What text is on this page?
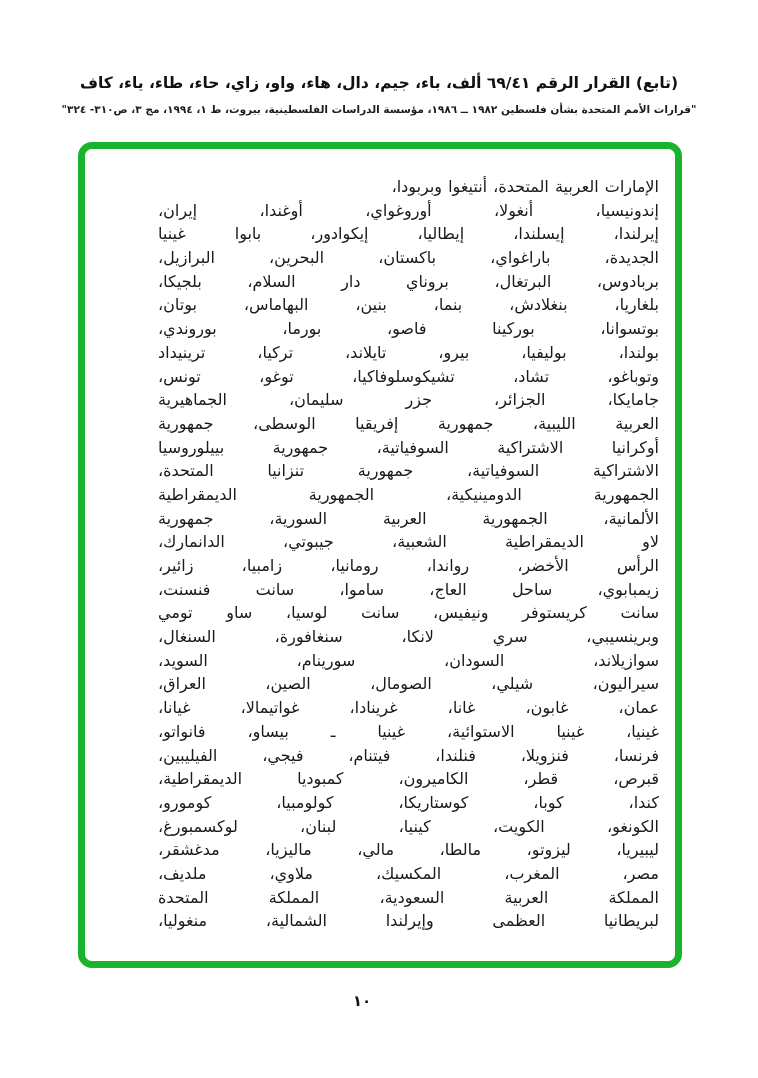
(تابع) القرار الرقم ٦٩/٤١ ألف، باء، جيم، دال، هاء، واو، زاي، حاء، طاء، ياء، كاف
"قرارات الأمم المتحدة بشأن فلسطين ١٩٨٢ ــ ١٩٨٦، مؤسسة الدراسات الفلسطينية، بيروت، ط ١، ١٩٩٤، مج ٣، ص٣١٠- ٣٢٤"
الإمارات العربية المتحدة، أنتيغوا وبربودا،
إندونيسيا، أنغولا، أوروغواي، أوغندا، إيران،
إيرلندا، إيسلندا، إيطاليا، إيكوادور، بابوا غينيا
الجديدة، باراغواي، باكستان، البحرين، البرازيل،
بربادوس، البرتغال، بروناي دار السلام، بلجيكا،
بلغاريا، بنغلادش، بنما، بنين، البهاماس، بوتان،
بوتسوانا، بوركينا فاصو، بورما، بوروندي،
بولندا، بوليفيا، بيرو، تايلاند، تركيا، ترينيداد
وتوباغو، تشاد، تشيكوسلوفاكيا، توغو، تونس،
جامايكا، الجزائر، جزر سليمان، الجماهيرية
العربية الليبية، جمهورية إفريقيا الوسطى، جمهورية
أوكرانيا الاشتراكية السوفياتية، جمهورية بييلوروسيا
الاشتراكية السوفياتية، جمهورية تنزانيا المتحدة،
الجمهورية الدومينيكية، الجمهورية الديمقراطية
الألمانية، الجمهورية العربية السورية، جمهورية
لاو الديمقراطية الشعبية، جيبوتي، الدانمارك،
الرأس الأخضر، رواندا، رومانيا، زامبيا، زائير،
زيمبابوي، ساحل العاج، ساموا، سانت فنسنت،
سانت كريستوفر ونيفيس، سانت لوسيا، ساو تومي
وبرينسيبي، سري لانكا، سنغافورة، السنغال،
سوازيلاند، السودان، سورينام، السويد،
سيراليون، شيلي، الصومال، الصين، العراق،
عمان، غابون، غانا، غرينادا، غواتيمالا، غيانا،
غينيا، غينيا الاستوائية، غينيا ـ بيساو، فانواتو،
فرنسا، فنزويلا، فنلندا، فيتنام، فيجي، الفيليبين،
قبرص، قطر، الكاميرون، كمبوديا الديمقراطية،
كندا، كوبا، كوستاريكا، كولومبيا، كومورو،
الكونغو، الكويت، كينيا، لبنان، لوكسمبورغ،
ليبيريا، ليزوتو، مالطا، مالي، ماليزيا، مدغشقر،
مصر، المغرب، المكسيك، ملاوي، ملديف،
المملكة العربية السعودية، المملكة المتحدة
لبريطانيا العظمى وإيرلندا الشمالية، منغوليا،
١٠
